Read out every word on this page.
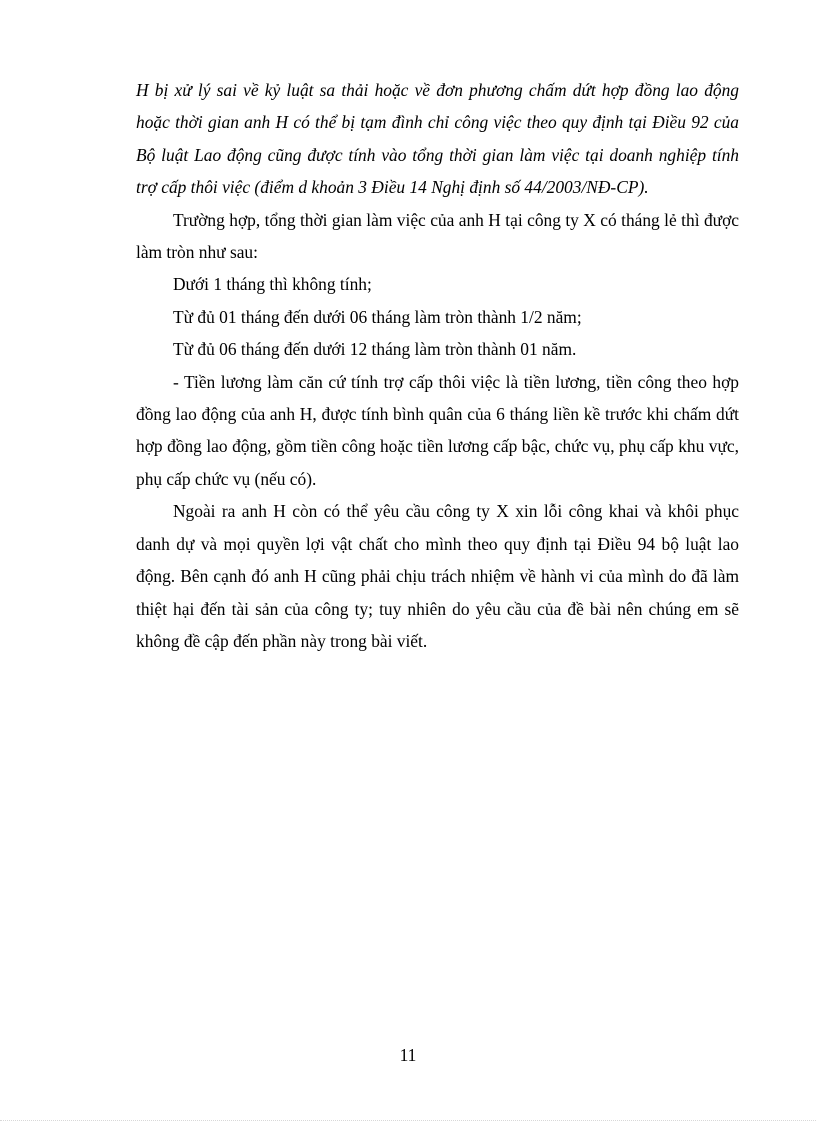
H bị xử lý sai về kỷ luật sa thải hoặc về đơn phương chấm dứt hợp đồng lao động hoặc thời gian anh H có thể bị tạm đình chỉ công việc theo quy định tại Điều 92 của Bộ luật Lao động cũng được tính vào tổng thời gian làm việc tại doanh nghiệp tính trợ cấp thôi việc (điểm d khoản 3 Điều 14 Nghị định số 44/2003/NĐ-CP).

Trường hợp, tổng thời gian làm việc của anh H tại công ty X có tháng lẻ thì được làm tròn như sau:

Dưới 1 tháng thì không tính;

Từ đủ 01 tháng đến dưới 06 tháng làm tròn thành 1/2 năm;

Từ đủ 06 tháng đến dưới 12 tháng làm tròn thành 01 năm.

- Tiền lương làm căn cứ tính trợ cấp thôi việc là tiền lương, tiền công theo hợp đồng lao động của anh H, được tính bình quân của 6 tháng liền kề trước khi chấm dứt hợp đồng lao động, gồm tiền công hoặc tiền lương cấp bậc, chức vụ, phụ cấp khu vực, phụ cấp chức vụ (nếu có).

Ngoài ra anh H còn có thể yêu cầu công ty X xin lỗi công khai và khôi phục danh dự và mọi quyền lợi vật chất cho mình theo quy định tại Điều 94 bộ luật lao động. Bên cạnh đó anh H cũng phải chịu trách nhiệm về hành vi của mình do đã làm thiệt hại đến tài sản của công ty; tuy nhiên do yêu cầu của đề bài nên chúng em sẽ không đề cập đến phần này trong bài viết.

11
